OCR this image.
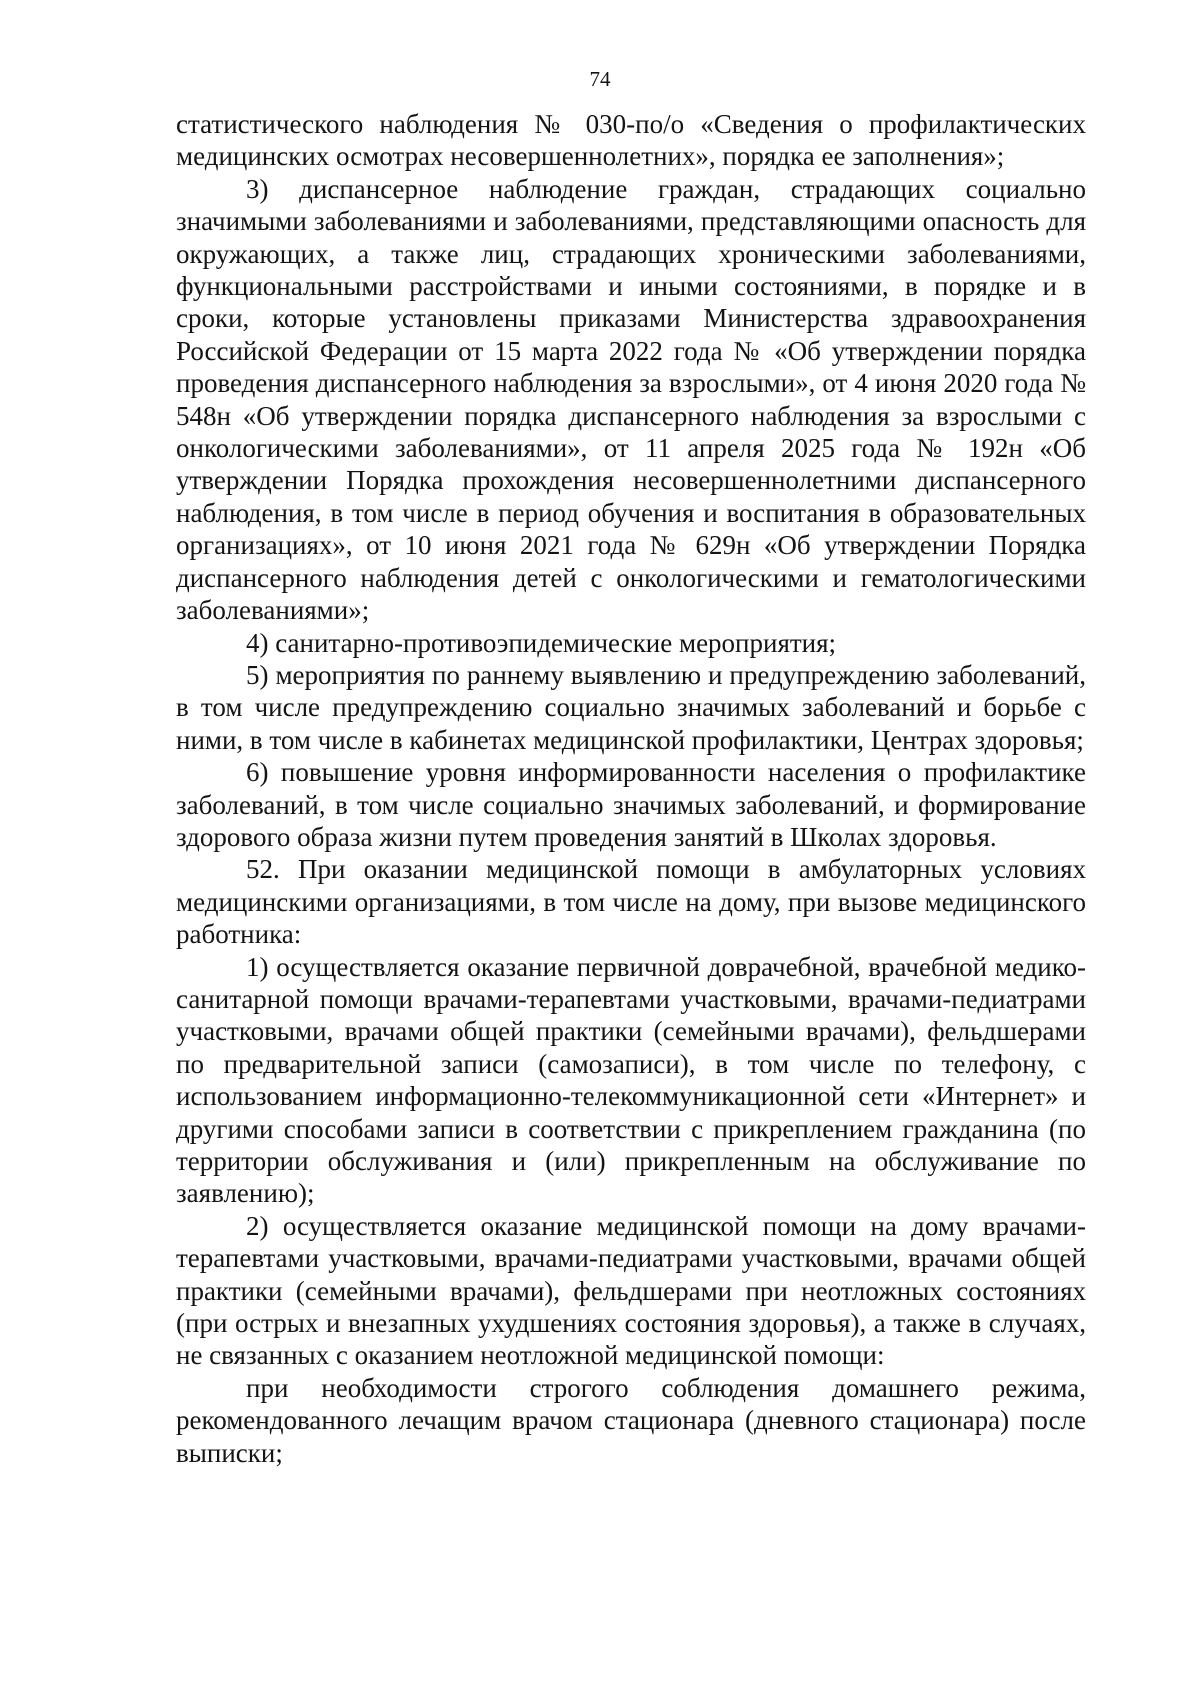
74

статистического наблюдения № 030-по/о «Сведения о профилактических медицинских осмотрах несовершеннолетних», порядка ее заполнения»;

3) диспансерное наблюдение граждан, страдающих социально значимыми заболеваниями и заболеваниями, представляющими опасность для окружающих, а также лиц, страдающих хроническими заболеваниями, функциональными расстройствами и иными состояниями, в порядке и в сроки, которые установлены приказами Министерства здравоохранения Российской Федерации от 15 марта 2022 года № «Об утверждении порядка проведения диспансерного наблюдения за взрослыми», от 4 июня 2020 года № 548н «Об утверждении порядка диспансерного наблюдения за взрослыми с онкологическими заболеваниями», от 11 апреля 2025 года № 192н «Об утверждении Порядка прохождения несовершеннолетними диспансерного наблюдения, в том числе в период обучения и воспитания в образовательных организациях», от 10 июня 2021 года № 629н «Об утверждении Порядка диспансерного наблюдения детей с онкологическими и гематологическими заболеваниями»;

4) санитарно-противоэпидемические мероприятия;

5) мероприятия по раннему выявлению и предупреждению заболеваний, в том числе предупреждению социально значимых заболеваний и борьбе с ними, в том числе в кабинетах медицинской профилактики, Центрах здоровья;

6) повышение уровня информированности населения о профилактике заболеваний, в том числе социально значимых заболеваний, и формирование здорового образа жизни путем проведения занятий в Школах здоровья.

52. При оказании медицинской помощи в амбулаторных условиях медицинскими организациями, в том числе на дому, при вызове медицинского работника:

1) осуществляется оказание первичной доврачебной, врачебной медико-санитарной помощи врачами-терапевтами участковыми, врачами-педиатрами участковыми, врачами общей практики (семейными врачами), фельдшерами по предварительной записи (самозаписи), в том числе по телефону, с использованием информационно-телекоммуникационной сети «Интернет» и другими способами записи в соответствии с прикреплением гражданина (по территории обслуживания и (или) прикрепленным на обслуживание по заявлению);

2) осуществляется оказание медицинской помощи на дому врачами-терапевтами участковыми, врачами-педиатрами участковыми, врачами общей практики (семейными врачами), фельдшерами при неотложных состояниях (при острых и внезапных ухудшениях состояния здоровья), а также в случаях, не связанных с оказанием неотложной медицинской помощи:

при необходимости строгого соблюдения домашнего режима, рекомендованного лечащим врачом стационара (дневного стационара) после выписки;
